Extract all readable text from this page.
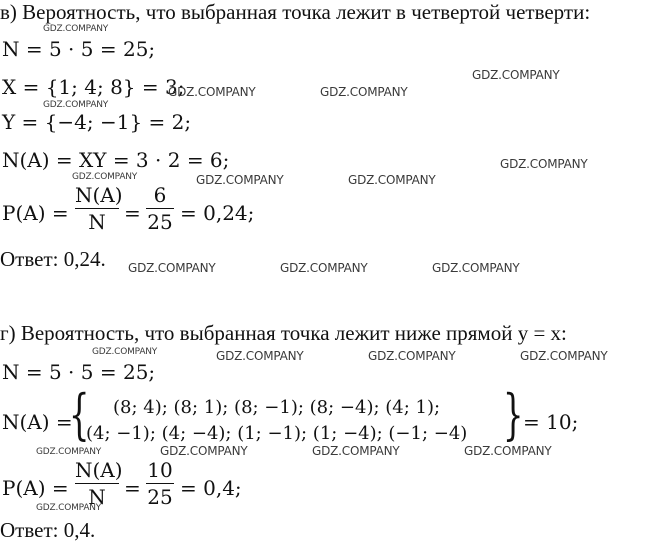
в) Вероятность, что выбранная точка лежит в четвертой четверти:
N = 5 · 5 = 25;
X = {1; 4; 8} = 3;
Y = {−4; −1} = 2;
N(A) = XY = 3 · 2 = 6;
P(A) =
N(A)
N =
6
25 = 0,24;
Ответ: 0,24.
г) Вероятность, что выбранная точка лежит ниже прямой y = x:
N = 5 · 5 = 25;
N(A) =
{ (8; 4); (8; 1); (8; −1); (8; −4); (4; 1);
(4; −1); (4; −4); (1; −1); (1; −4); (−1; −4) } = 10;
P(A) =
N(A)
N =
10
25 = 0,4;
Ответ: 0,4.
GDZ.COMPANY
GDZ.COMPANY	GDZ.COMPANY
GDZ.COMPANY
GDZ.COMPANY
GDZ.COMPANY
GDZ.COMPANY	GDZ.COMPANY
GDZ.COMPANY
GDZ.COMPANY	GDZ.COMPANY	GDZ.COMPANY
GDZ.COMPANY	GDZ.COMPANY	GDZ.COMPANY	GDZ.COMPANY
GDZ.COMPANY	GDZ.COMPANY	GDZ.COMPANY	GDZ.COMPANY
GDZ.COMPANY
